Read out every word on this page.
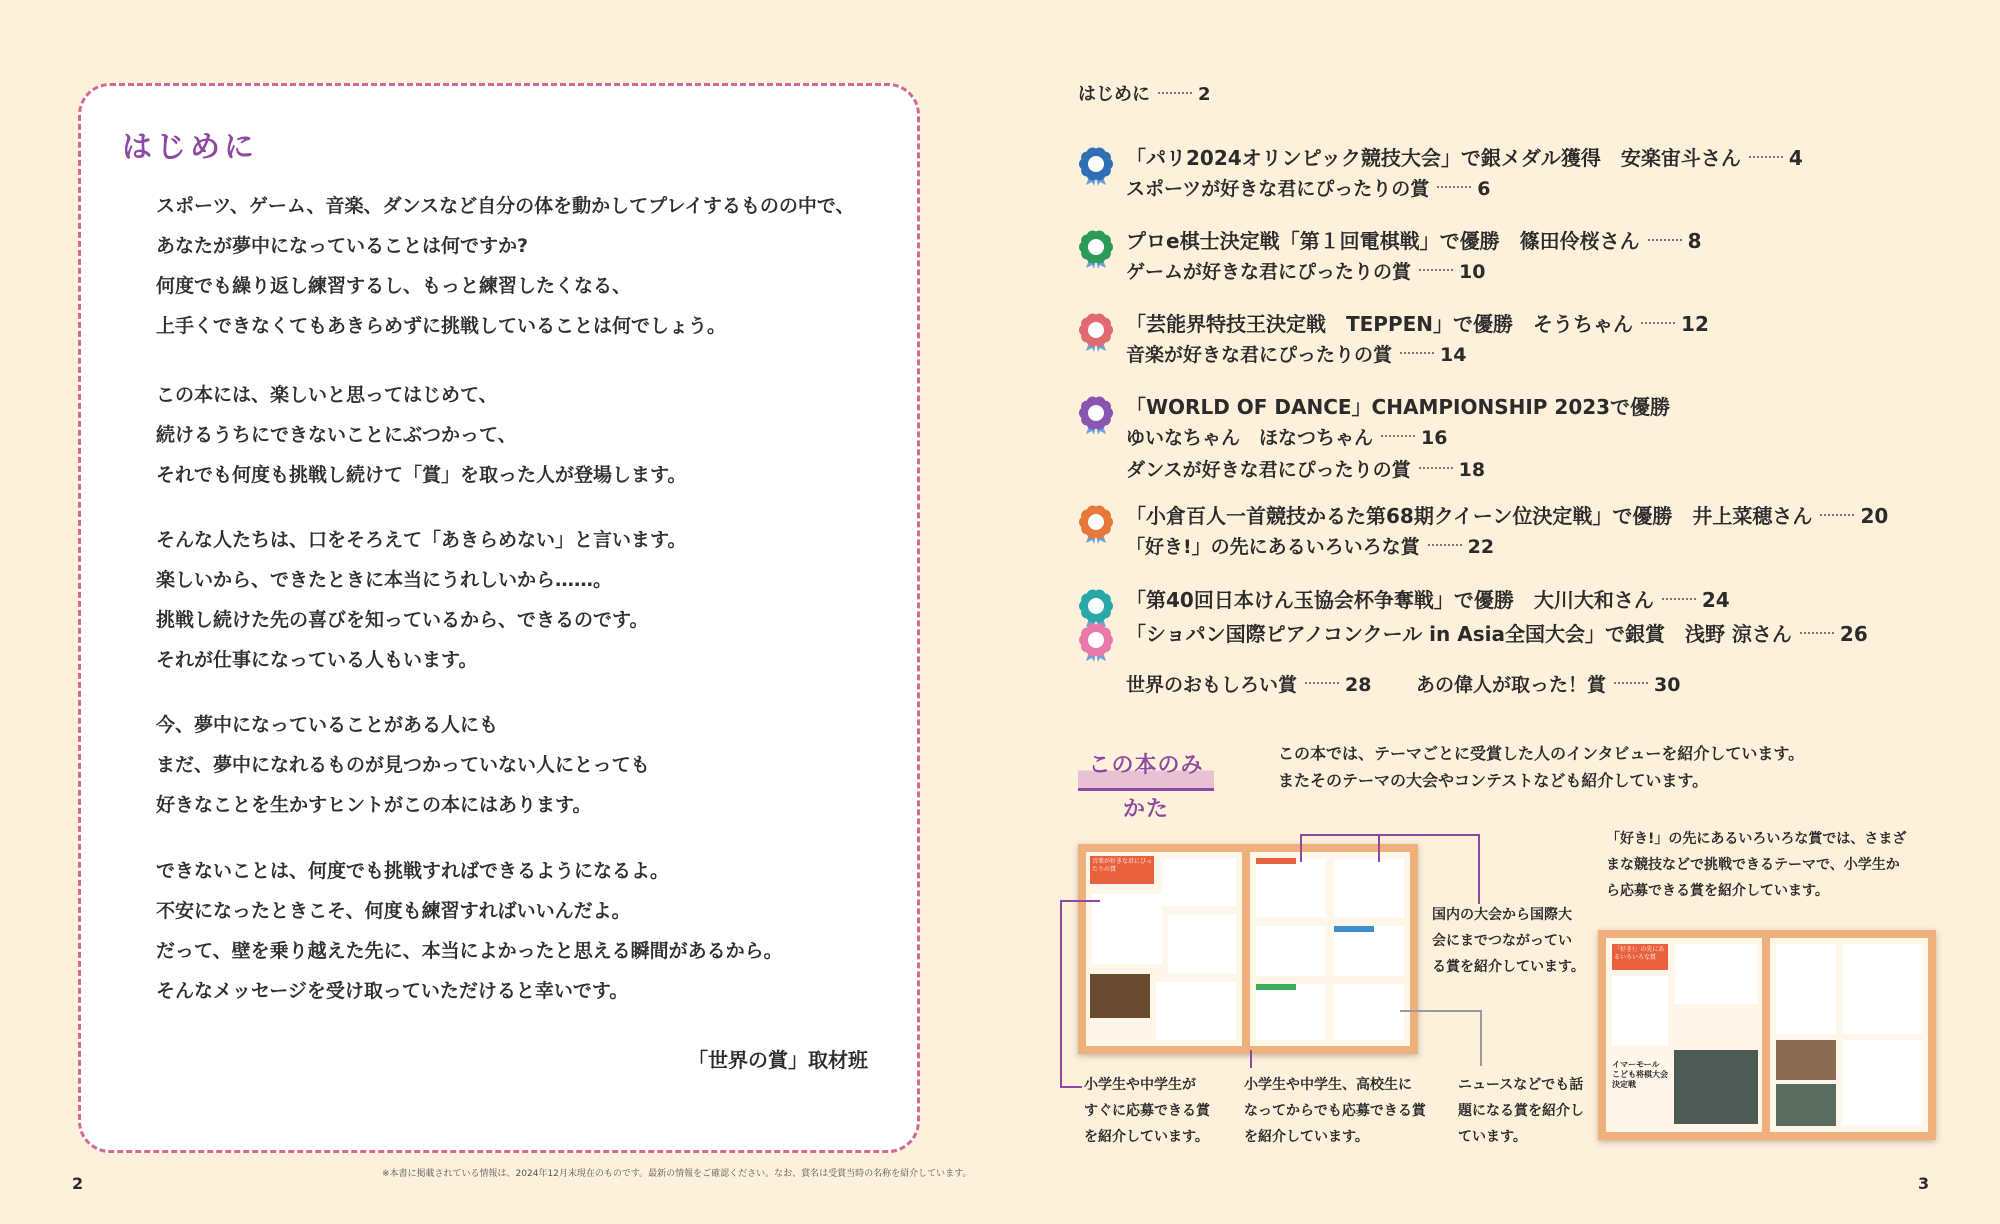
はじめに
スポーツ、ゲーム、音楽、ダンスなど自分の体を動かしてプレイするものの中で、
あなたが夢中になっていることは何ですか?
何度でも繰り返し練習するし、もっと練習したくなる、
上手くできなくてもあきらめずに挑戦していることは何でしょう。
この本には、楽しいと思ってはじめて、
続けるうちにできないことにぶつかって、
それでも何度も挑戦し続けて「賞」を取った人が登場します。
そんな人たちは、口をそろえて「あきらめない」と言います。
楽しいから、できたときに本当にうれしいから……。
挑戦し続けた先の喜びを知っているから、できるのです。
それが仕事になっている人もいます。
今、夢中になっていることがある人にも
まだ、夢中になれるものが見つかっていない人にとっても
好きなことを生かすヒントがこの本にはあります。
できないことは、何度でも挑戦すればできるようになるよ。
不安になったときこそ、何度も練習すればいいんだよ。
だって、壁を乗り越えた先に、本当によかったと思える瞬間があるから。
そんなメッセージを受け取っていただけると幸いです。
「世界の賞」取材班
2	※本書に掲載されている情報は、2024年12月末現在のものです。最新の情報をご確認ください。なお、賞名は受賞当時の名称を紹介しています。
はじめに	2
「パリ2024オリンピック競技大会」で銀メダル獲得　安楽宙斗さん 4
スポーツが好きな君にぴったりの賞	6
プロe棋士決定戦「第１回電棋戦」で優勝　篠田伶桜さん 8
ゲームが好きな君にぴったりの賞	10
「芸能界特技王決定戦　TEPPEN」で優勝　そうちゃん 12
音楽が好きな君にぴったりの賞	14
「WORLD OF DANCE」CHAMPIONSHIP 2023で優勝
ゆいなちゃん　ほなつちゃん	16
ダンスが好きな君にぴったりの賞	18
「小倉百人一首競技かるた第68期クイーン位決定戦」で優勝　井上菜穂さん 20
「好き!」の先にあるいろいろな賞	22
「第40回日本けん玉協会杯争奪戦」で優勝　大川大和さん 24
「ショパン国際ピアノコンクール in Asia全国大会」で銀賞　浅野 涼さん 26
世界のおもしろい賞	28 あの偉人が取った！賞	30
この本のみかた
この本では、テーマごとに受賞した人のインタビューを紹介しています。
またそのテーマの大会やコンテストなども紹介しています。
「好き!」の先にあるいろいろな賞では、さまざ
まな競技などで挑戦できるテーマで、小学生か
ら応募できる賞を紹介しています。
国内の大会から国際大
会にまでつながってい
る賞を紹介しています。
小学生や中学生が
すぐに応募できる賞
を紹介しています。
小学生や中学生、高校生に
なってからでも応募できる賞
を紹介しています。
ニュースなどでも話
題になる賞を紹介し
ています。
音楽が好きな君にぴったりの賞
「好き!」の先にあるいろいろな賞
イマーモール こども将棋大会 決定戦
3
